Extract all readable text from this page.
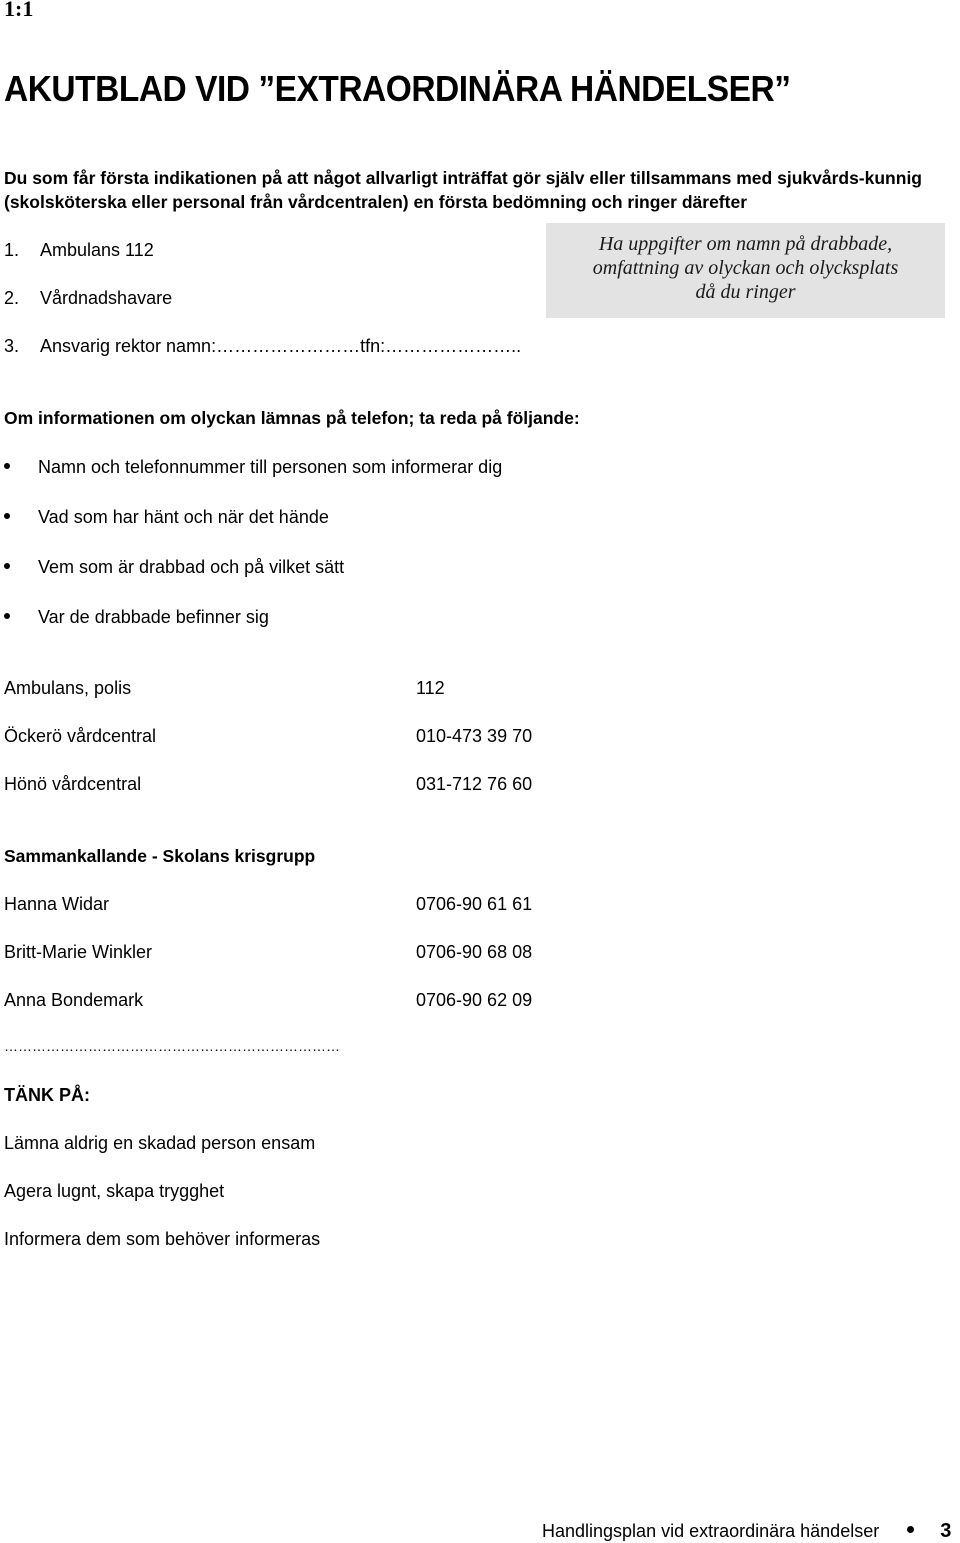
1:1
AKUTBLAD VID ”EXTRAORDINÄRA HÄNDELSER”
Du som får första indikationen på att något allvarligt inträffat gör själv eller tillsammans med sjukvårds-kunnig (skolsköterska eller personal från vårdcentralen) en första bedömning och ringer därefter
1. Ambulans 112
2. Vårdnadshavare
3. Ansvarig rektor namn:……………………tfn:…………………..
Ha uppgifter om namn på drabbade,
omfattning av olyckan och olycksplats
då du ringer
Om informationen om olyckan lämnas på telefon; ta reda på följande:
Namn och telefonnummer till personen som informerar dig
Vad som har hänt och när det hände
Vem som är drabbad och på vilket sätt
Var de drabbade befinner sig
Ambulans, polis	112
Öckerö vårdcentral	010-473 39 70
Hönö vårdcentral	031-712 76 60
Sammankallande - Skolans krisgrupp
Hanna Widar	0706-90 61 61
Britt-Marie Winkler	0706-90 68 08
Anna Bondemark	0706-90 62 09
………………………………………………………………
TÄNK PÅ:
Lämna aldrig en skadad person ensam
Agera lugnt, skapa trygghet
Informera dem som behöver informeras
Handlingsplan vid extraordinära händelser	3
